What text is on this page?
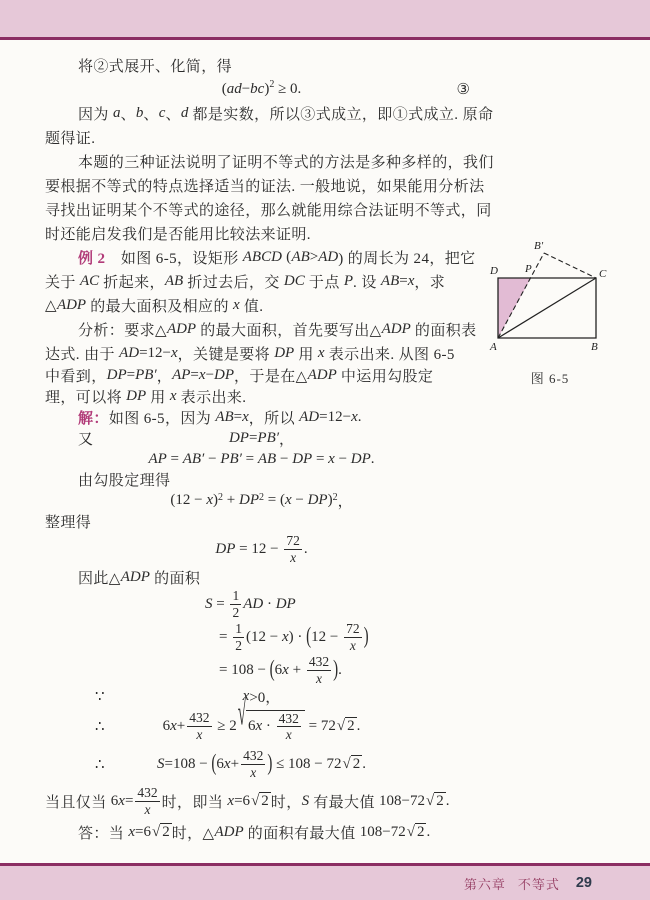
将②式展开、化简，得
( ad − bc ) 2 ≥ 0.	③
因为 a 、 b 、 c 、 d 都是实数，所以③式成立，即①式成立. 原命
题得证.
本题的三种证法说明了证明不等式的方法是多种多样的，我们
要根据不等式的特点选择适当的证法. 一般地说，如果能用分析法
寻找出证明某个不等式的途径，那么就能用综合法证明不等式，同
时还能启发我们是否能用比较法来证明.
例 2 　如图 6-5，设矩形 ABCD ( AB > AD ) 的周长为 24，把它
关于 AC 折起来， AB 折过去后，交 DC 于点 P . 设 AB = x ，求
△ ADP 的最大面积及相应的 x 值.
分析：要求△ ADP 的最大面积，首先要写出△ ADP 的面积表
达式. 由于 AD =12− x ，关键是要将 DP 用 x 表示出来. 从图 6-5
中看到， DP = PB′ ， AP = x − DP ，于是在△ ADP 中运用勾股定
理，可以将 DP 用 x 表示出来.
解： 如图 6-5，因为 AB = x ，所以 AD =12− x .
又	DP = PB′ ，
AP = AB′ − PB′ = AB − DP = x − DP .
由勾股定理得
(12 − x ) 2 + DP 2 = ( x − DP ) 2 ，
整理得
DP = $12 - \frac{72}{x}$ .
因此△ ADP 的面积
$S = \frac{1}{2}$ AD · DP
= $\frac{1}{2} (12 - x$ ) · ( $12 - \frac{72}{x}$ )
= 108 − ( 6 $x + \frac{432}{x}$ ) .
∵	x >0，
∴	6 $x + \frac{432}{x} \ge 2$ √ 6 $x \cdot \frac{432}{x} = 72$ √ 2 .
∴	S =108 − ( 6 $x + \frac{432}{x}$ ) ≤ 108 − 72 √ 2 .
当且仅当 6 $x = \frac{432}{x}$ 时，即当 x =6 √ 2 时， S 有最大值 108−72 √ 2 .
答：当 x =6 √ 2 时，△ ADP 的面积有最大值 108−72 √ 2 .
D P
B′
C
A	B
图 6-5
第六章 不等式 29
